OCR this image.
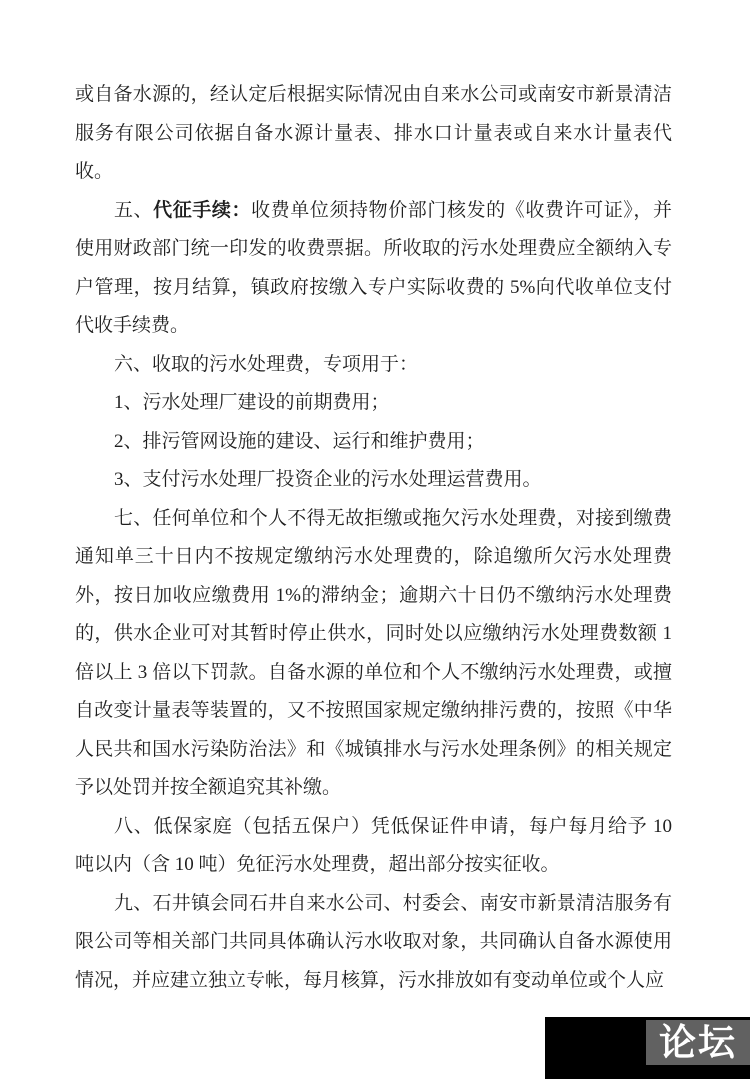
或自备水源的，经认定后根据实际情况由自来水公司或南安市新景清洁
服务有限公司依据自备水源计量表、排水口计量表或自来水计量表代
收。
五、代征手续：收费单位须持物价部门核发的《收费许可证》，并
使用财政部门统一印发的收费票据。所收取的污水处理费应全额纳入专
户管理，按月结算，镇政府按缴入专户实际收费的 5%向代收单位支付
代收手续费。
六、收取的污水处理费，专项用于：
1、污水处理厂建设的前期费用；
2、排污管网设施的建设、运行和维护费用；
3、支付污水处理厂投资企业的污水处理运营费用。
七、任何单位和个人不得无故拒缴或拖欠污水处理费，对接到缴费
通知单三十日内不按规定缴纳污水处理费的，除追缴所欠污水处理费
外，按日加收应缴费用 1%的滞纳金；逾期六十日仍不缴纳污水处理费
的，供水企业可对其暂时停止供水，同时处以应缴纳污水处理费数额 1
倍以上 3 倍以下罚款。自备水源的单位和个人不缴纳污水处理费，或擅
自改变计量表等装置的，又不按照国家规定缴纳排污费的，按照《中华
人民共和国水污染防治法》和《城镇排水与污水处理条例》的相关规定
予以处罚并按全额追究其补缴。
八、低保家庭（包括五保户）凭低保证件申请，每户每月给予 10
吨以内（含 10 吨）免征污水处理费，超出部分按实征收。
九、石井镇会同石井自来水公司、村委会、南安市新景清洁服务有
限公司等相关部门共同具体确认污水收取对象，共同确认自备水源使用
情况，并应建立独立专帐，每月核算，污水排放如有变动单位或个人应
论坛
